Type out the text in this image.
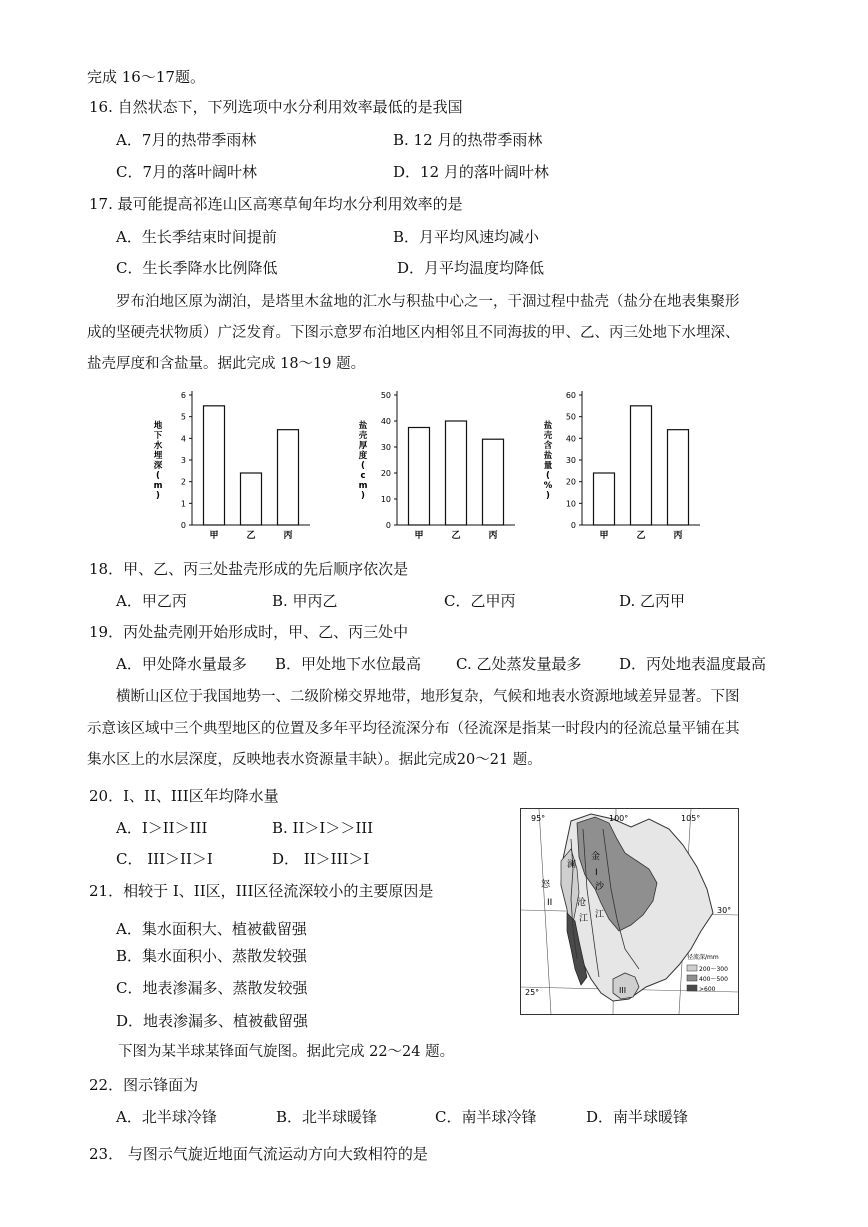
完成 16～17题。
16. 自然状态下，下列选项中水分利用效率最低的是我国
A．7月的热带季雨林	B. 12 月的热带季雨林
C．7月的落叶阔叶林	D．12 月的落叶阔叶林
17. 最可能提高祁连山区高寒草甸年均水分利用效率的是
A．生长季结束时间提前	B．月平均风速均减小
C．生长季降水比例降低	D．月平均温度均降低
罗布泊地区原为湖泊，是塔里木盆地的汇水与积盐中心之一，干涸过程中盐壳（盐分在地表集聚形
成的坚硬壳状物质）广泛发育。下图示意罗布泊地区内相邻且不同海拔的甲、乙、丙三处地下水埋深、
盐壳厚度和含盐量。据此完成 18～19 题。
0
1
2
3
4
5
6
地
下
水
埋
深
(
m
)
甲	乙	丙
0
10
20
30
40
50
盐
壳
厚
度
(
c
m
)
甲	乙	丙
0
10
20
30
40
50
60
盐
壳
含
盐
量
(
%
)
甲	乙	丙
18．甲、乙、丙三处盐壳形成的先后顺序依次是
A．甲乙丙	B. 甲丙乙	C．乙甲丙	D. 乙丙甲
19．丙处盐壳刚开始形成时，甲、乙、丙三处中
A．甲处降水量最多 B．甲处地下水位最高 C. 乙处蒸发量最多	D．丙处地表温度最高
横断山区位于我国地势一、二级阶梯交界地带，地形复杂，气候和地表水资源地域差异显著。下图
示意该区域中三个典型地区的位置及多年平均径流深分布（径流深是指某一时段内的径流总量平铺在其
集水区上的水层深度，反映地表水资源量丰缺）。据此完成20～21 题。
20．I、II、III区年均降水量
A．I＞II＞III	B. II＞I＞＞III
C． III＞II＞I	D． II＞III＞I
21．相较于 I、II区，III区径流深较小的主要原因是
A．集水面积大、植被截留强
B．集水面积小、蒸散发较强
C．地表渗漏多、蒸散发较强
D．地表渗漏多、植被截留强
95°	100°	105°
30°
25°
澜
金
沙
江
怒
沧
江
I
II
III
径流深/mm
200～300
400～500
>600
下图为某半球某锋面气旋图。据此完成 22～24 题。
22．图示锋面为
A．北半球冷锋	B．北半球暖锋	C．南半球冷锋	D．南半球暖锋
23． 与图示气旋近地面气流运动方向大致相符的是
